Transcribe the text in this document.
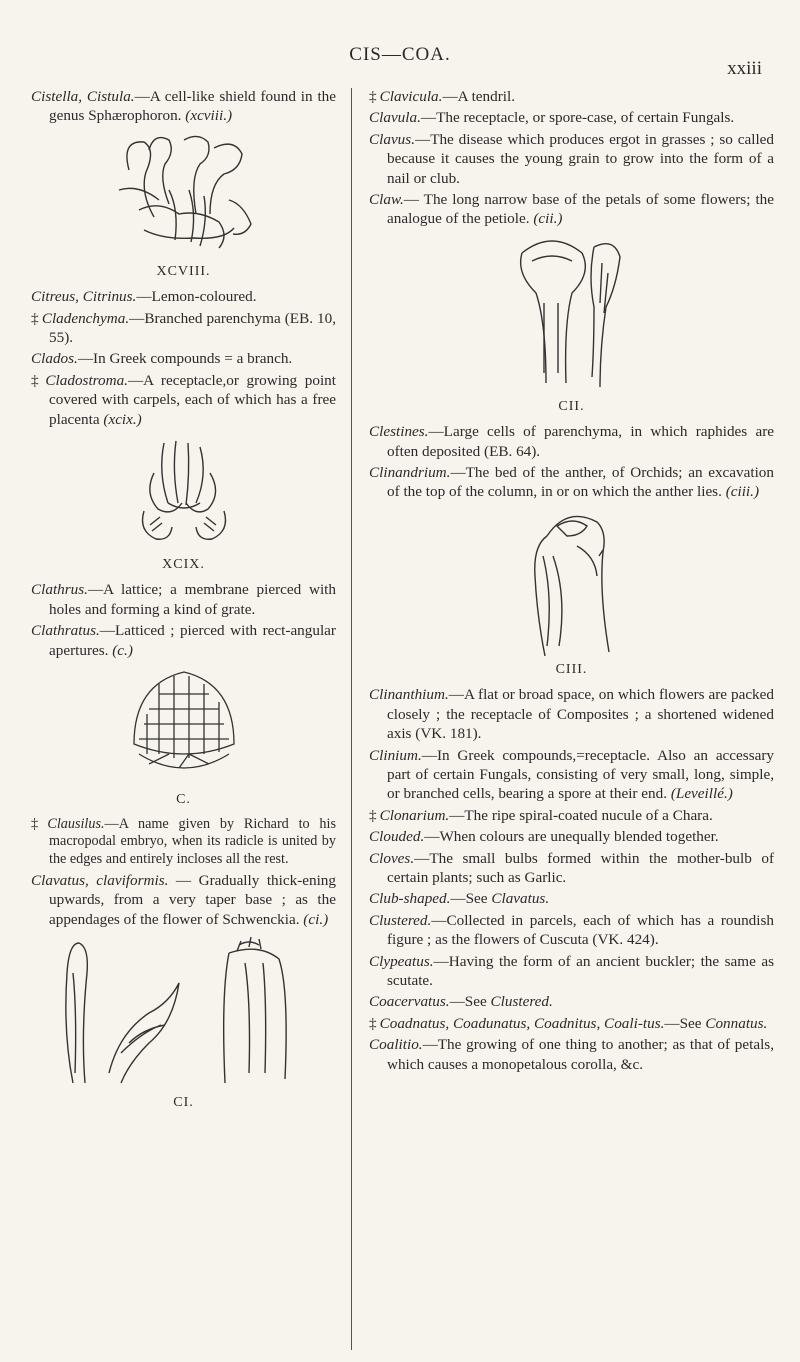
CIS—COA.
xxiii

Cistella, Cistula.—A cell-like shield found in the genus Sphærophoron. (xcviii.)

XCVIII.

Citreus, Citrinus.—Lemon-coloured.

‡ Cladenchyma.—Branched parenchyma (EB. 10, 55).

Clados.—In Greek compounds = a branch.

‡ Cladostroma.—A receptacle,or growing point covered with carpels, each of which has a free placenta (xcix.)

XCIX.

Clathrus.—A lattice; a membrane pierced with holes and forming a kind of grate.

Clathratus.—Latticed ; pierced with rect-angular apertures. (c.)

C.

‡ Clausilus.—A name given by Richard to his macropodal embryo, when its radicle is united by the edges and entirely incloses all the rest.

Clavatus, claviformis. — Gradually thick-ening upwards, from a very taper base ; as the appendages of the flower of Schwenckia. (ci.)

CI.

‡ Clavicula.—A tendril.

Clavula.—The receptacle, or spore-case, of certain Fungals.

Clavus.—The disease which produces ergot in grasses ; so called because it causes the young grain to grow into the form of a nail or club.

Claw.— The long narrow base of the petals of some flowers; the analogue of the petiole. (cii.)

CII.

Clestines.—Large cells of parenchyma, in which raphides are often deposited (EB. 64).

Clinandrium.—The bed of the anther, of Orchids; an excavation of the top of the column, in or on which the anther lies. (ciii.)

CIII.

Clinanthium.—A flat or broad space, on which flowers are packed closely ; the receptacle of Composites ; a shortened widened axis (VK. 181).

Clinium.—In Greek compounds,=receptacle. Also an accessary part of certain Fungals, consisting of very small, long, simple, or branched cells, bearing a spore at their end. (Leveillé.)

‡ Clonarium.—The ripe spiral-coated nucule of a Chara.

Clouded.—When colours are unequally blended together.

Cloves.—The small bulbs formed within the mother-bulb of certain plants; such as Garlic.

Club-shaped.—See Clavatus.

Clustered.—Collected in parcels, each of which has a roundish figure ; as the flowers of Cuscuta (VK. 424).

Clypeatus.—Having the form of an ancient buckler; the same as scutate.

Coacervatus.—See Clustered.

‡ Coadnatus, Coadunatus, Coadnitus, Coali-tus.—See Connatus.

Coalitio.—The growing of one thing to another; as that of petals, which causes a monopetalous corolla, &c.
